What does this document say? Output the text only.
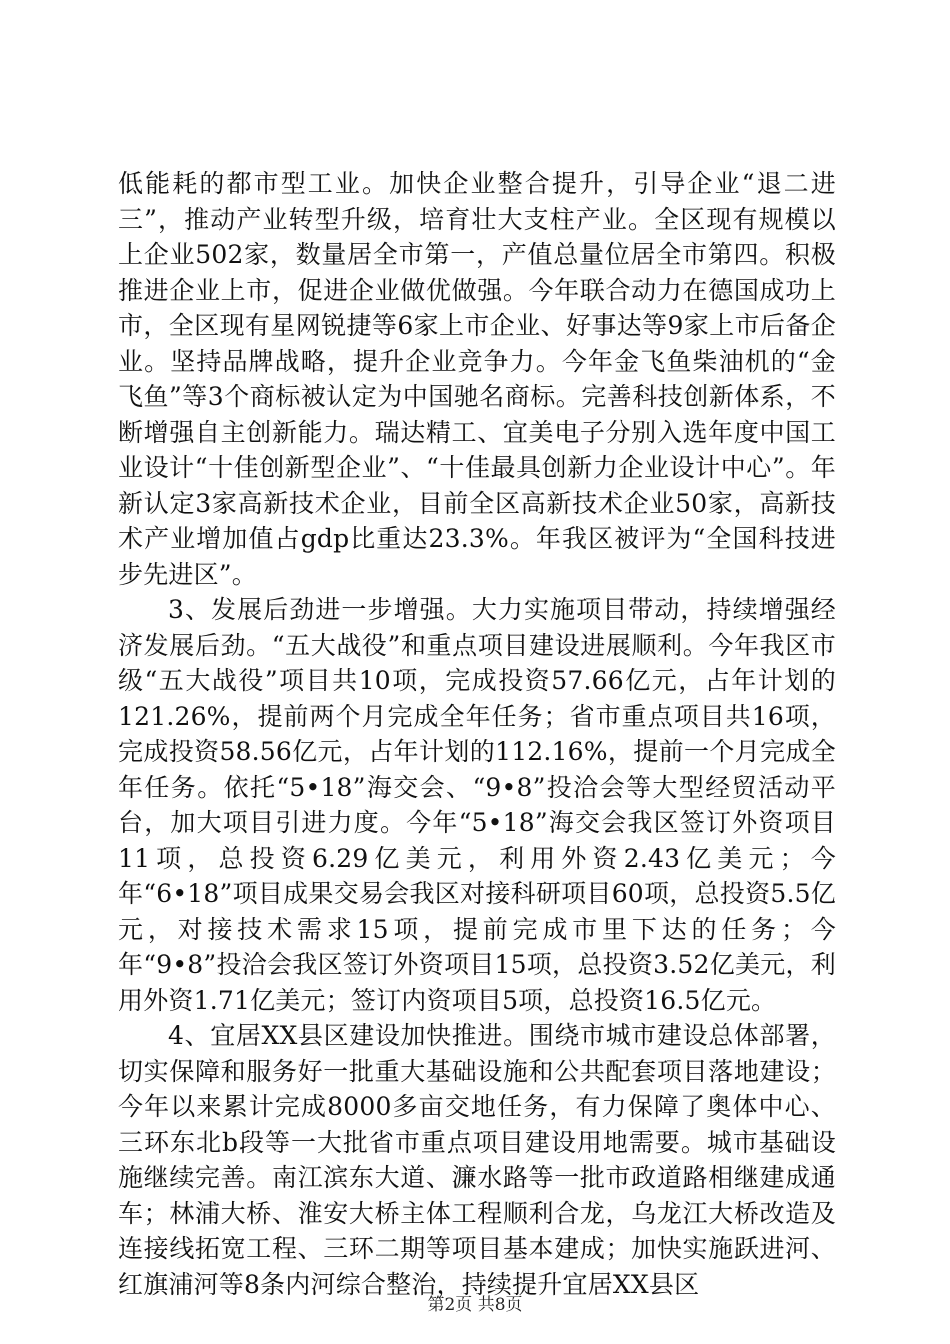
低能耗的都市型工业。加快企业整合提升，引导企业“退二进三”，推动产业转型升级，培育壮大支柱产业。全区现有规模以上企业502家，数量居全市第一，产值总量位居全市第四。积极推进企业上市，促进企业做优做强。今年联合动力在德国成功上市，全区现有星网锐捷等6家上市企业、好事达等9家上市后备企业。坚持品牌战略，提升企业竞争力。今年金飞鱼柴油机的“金飞鱼”等3个商标被认定为中国驰名商标。完善科技创新体系，不断增强自主创新能力。瑞达精工、宜美电子分别入选年度中国工业设计“十佳创新型企业”、“十佳最具创新力企业设计中心”。年新认定3家高新技术企业，目前全区高新技术企业50家，高新技术产业增加值占gdp比重达23.3%。年我区被评为“全国科技进步先进区”。

3、发展后劲进一步增强。大力实施项目带动，持续增强经济发展后劲。“五大战役”和重点项目建设进展顺利。今年我区市级“五大战役”项目共10项，完成投资57.66亿元，占年计划的121.26%，提前两个月完成全年任务；省市重点项目共16项，完成投资58.56亿元，占年计划的112.16%，提前一个月完成全年任务。依托“5•18”海交会、“9•8”投洽会等大型经贸活动平台，加大项目引进力度。今年“5•18”海交会我区签订外资项目11项，总投资6.29亿美元，利用外资2.43亿美元；今年“6•18”项目成果交易会我区对接科研项目60项，总投资5.5亿元，对接技术需求15项，提前完成市里下达的任务；今年“9•8”投洽会我区签订外资项目15项，总投资3.52亿美元，利用外资1.71亿美元；签订内资项目5项，总投资16.5亿元。

4、宜居XX县区建设加快推进。围绕市城市建设总体部署，切实保障和服务好一批重大基础设施和公共配套项目落地建设；今年以来累计完成8000多亩交地任务，有力保障了奥体中心、三环东北b段等一大批省市重点项目建设用地需要。城市基础设施继续完善。南江滨东大道、濂水路等一批市政道路相继建成通车；林浦大桥、淮安大桥主体工程顺利合龙，乌龙江大桥改造及连接线拓宽工程、三环二期等项目基本建成；加快实施跃进河、红旗浦河等8条内河综合整治，持续提升宜居XX县区

第2页 共8页
